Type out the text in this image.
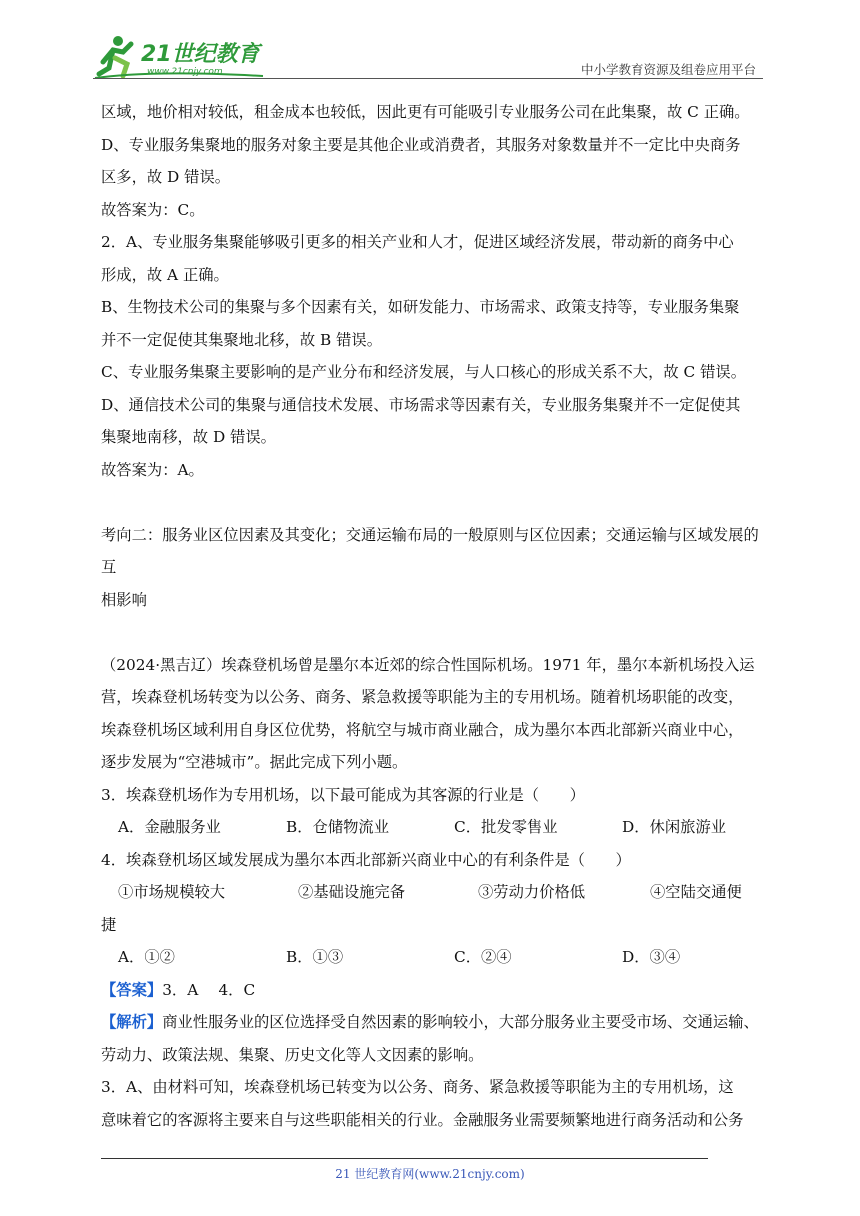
21世纪教育
www.21cnjy.com	中小学教育资源及组卷应用平台

区域，地价相对较低，租金成本也较低，因此更有可能吸引专业服务公司在此集聚，故 C 正确。

D、专业服务集聚地的服务对象主要是其他企业或消费者，其服务对象数量并不一定比中央商务

区多，故 D 错误。

故答案为：C。

2．A、专业服务集聚能够吸引更多的相关产业和人才，促进区域经济发展，带动新的商务中心

形成，故 A 正确。

B、生物技术公司的集聚与多个因素有关，如研发能力、市场需求、政策支持等，专业服务集聚

并不一定促使其集聚地北移，故 B 错误。

C、专业服务集聚主要影响的是产业分布和经济发展，与人口核心的形成关系不大，故 C 错误。

D、通信技术公司的集聚与通信技术发展、市场需求等因素有关，专业服务集聚并不一定促使其

集聚地南移，故 D 错误。

故答案为：A。

考向二：服务业区位因素及其变化；交通运输布局的一般原则与区位因素；交通运输与区域发展的互

相影响

（2024·黑吉辽）埃森登机场曾是墨尔本近郊的综合性国际机场。1971 年，墨尔本新机场投入运

营，埃森登机场转变为以公务、商务、紧急救援等职能为主的专用机场。随着机场职能的改变，

埃森登机场区域利用自身区位优势，将航空与城市商业融合，成为墨尔本西北部新兴商业中心，

逐步发展为“空港城市”。据此完成下列小题。

3．埃森登机场作为专用机场，以下最可能成为其客源的行业是（　　）

A．金融服务业	B．仓储物流业	C．批发零售业	D．休闲旅游业

4．埃森登机场区域发展成为墨尔本西北部新兴商业中心的有利条件是（　　）

①市场规模较大	②基础设施完备	③劳动力价格低	④空陆交通便

捷

A．①②	B．①③	C．②④	D．③④

【答案】3．A　 4．C

【解析】商业性服务业的区位选择受自然因素的影响较小，大部分服务业主要受市场、交通运输、

劳动力、政策法规、集聚、历史文化等人文因素的影响。

3．A、由材料可知，埃森登机场已转变为以公务、商务、紧急救援等职能为主的专用机场，这

意味着它的客源将主要来自与这些职能相关的行业。金融服务业需要频繁地进行商务活动和公务

21 世纪教育网(www.21cnjy.com)
